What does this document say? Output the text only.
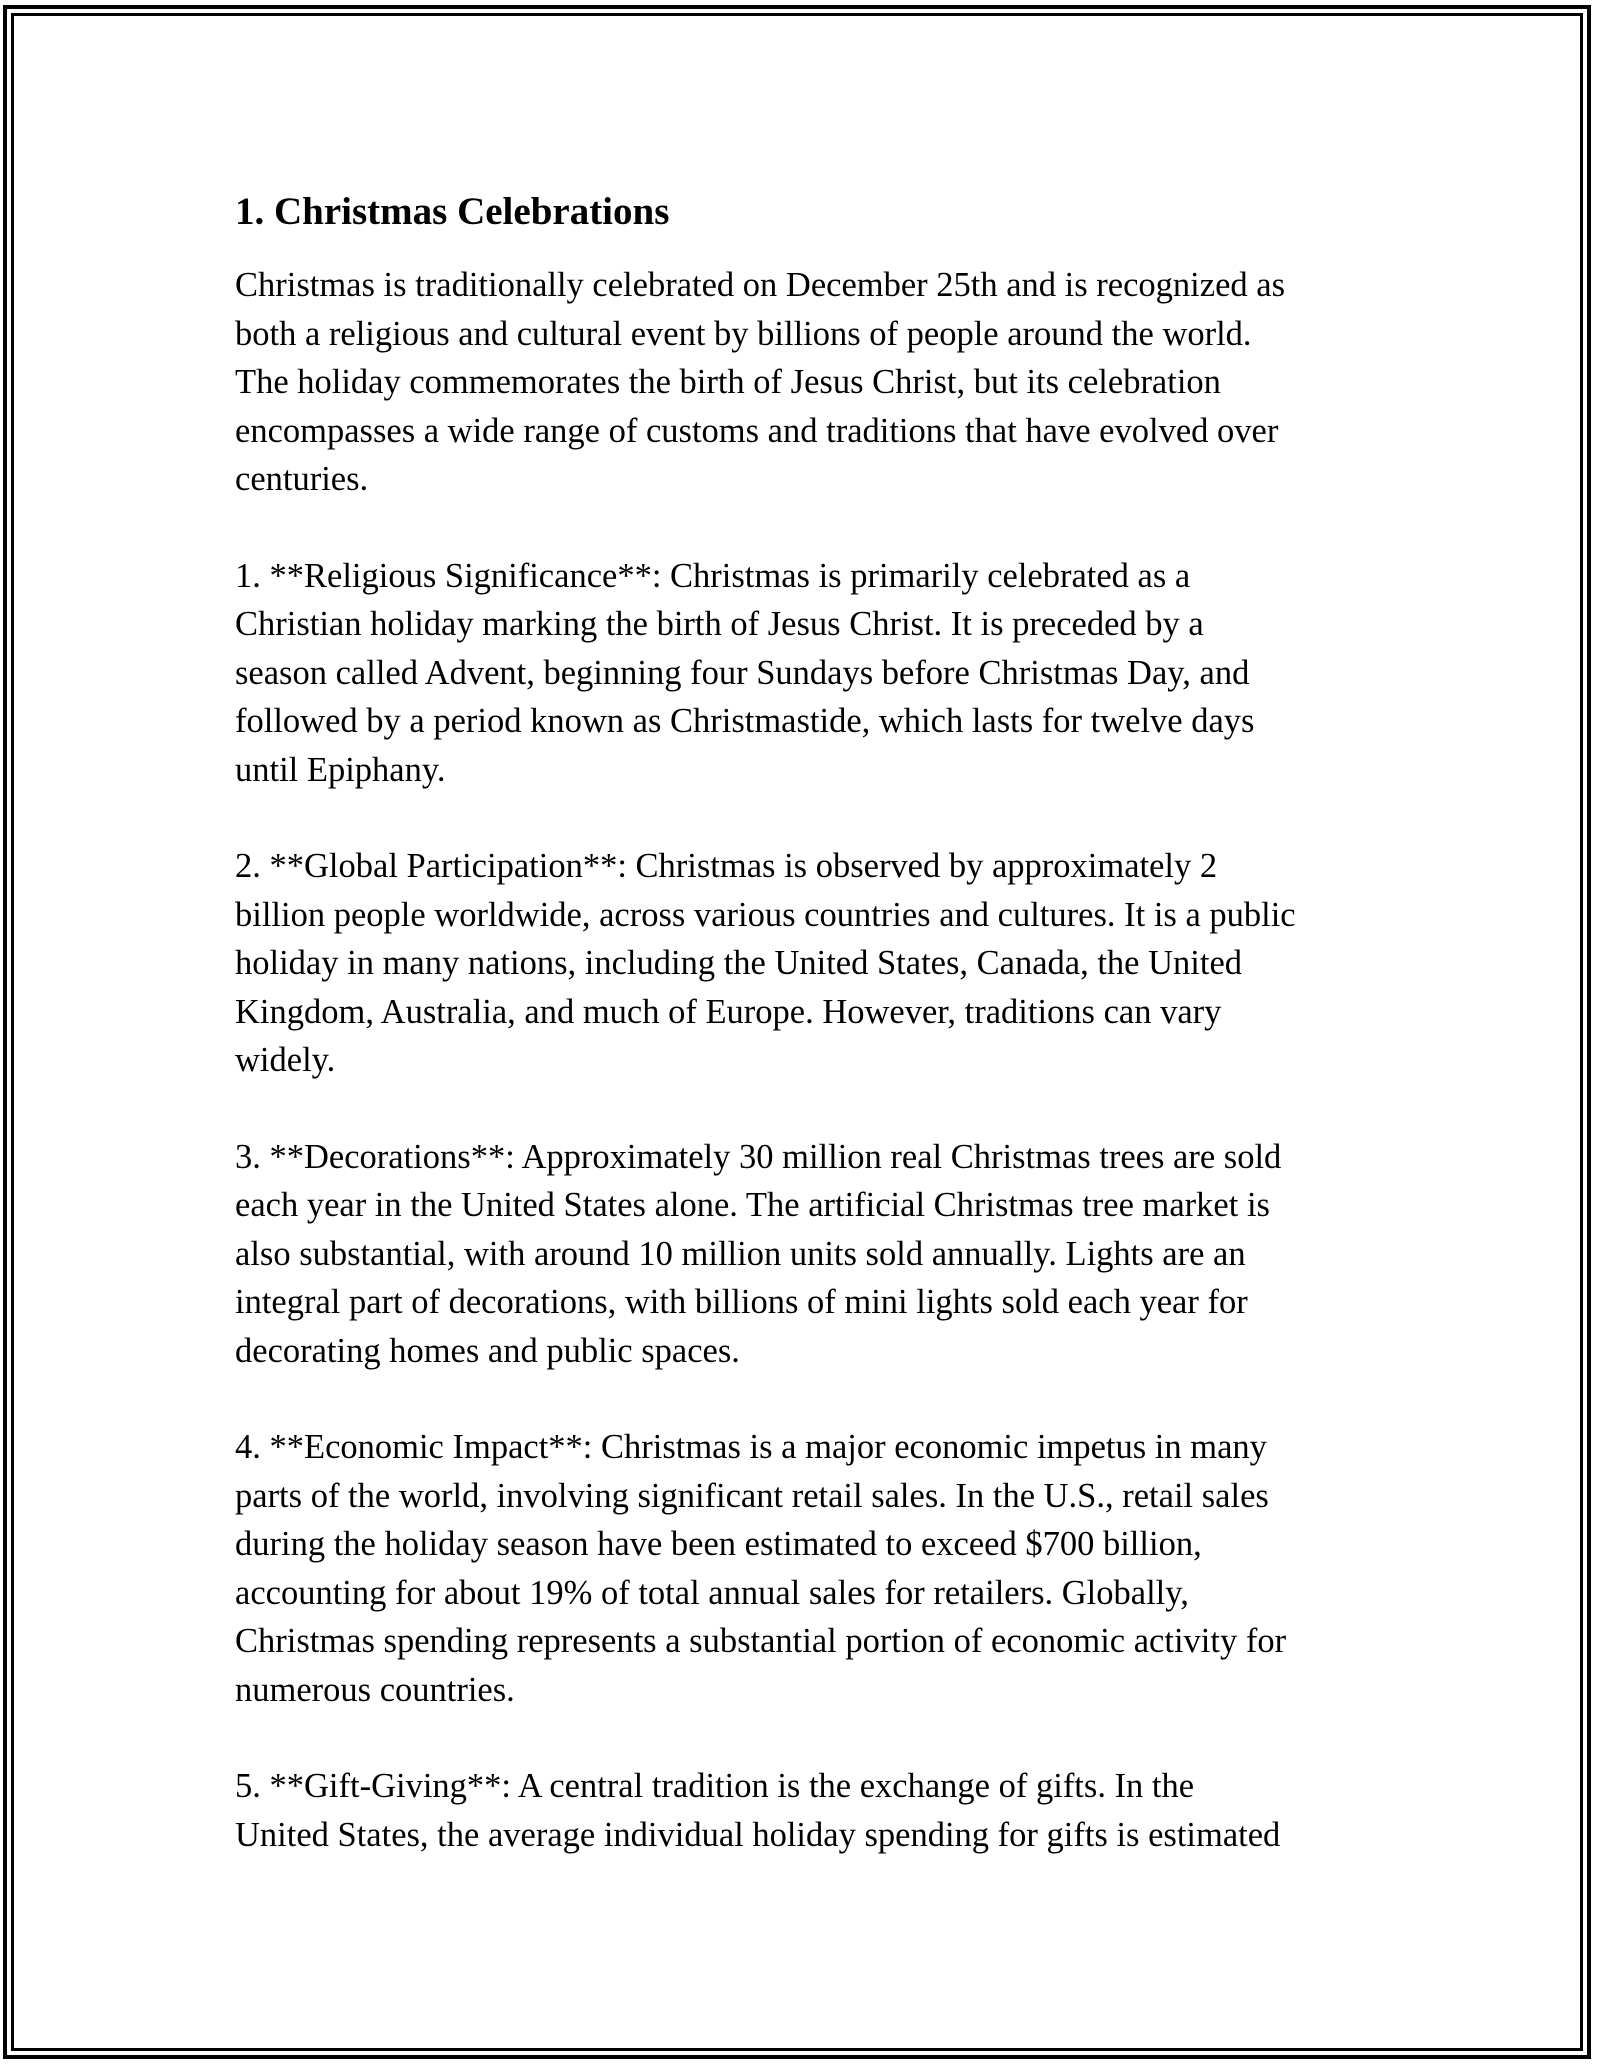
1. Christmas Celebrations

Christmas is traditionally celebrated on December 25th and is recognized as
both a religious and cultural event by billions of people around the world.
The holiday commemorates the birth of Jesus Christ, but its celebration
encompasses a wide range of customs and traditions that have evolved over
centuries.

1. **Religious Significance**: Christmas is primarily celebrated as a
Christian holiday marking the birth of Jesus Christ. It is preceded by a
season called Advent, beginning four Sundays before Christmas Day, and
followed by a period known as Christmastide, which lasts for twelve days
until Epiphany.

2. **Global Participation**: Christmas is observed by approximately 2
billion people worldwide, across various countries and cultures. It is a public
holiday in many nations, including the United States, Canada, the United
Kingdom, Australia, and much of Europe. However, traditions can vary
widely.

3. **Decorations**: Approximately 30 million real Christmas trees are sold
each year in the United States alone. The artificial Christmas tree market is
also substantial, with around 10 million units sold annually. Lights are an
integral part of decorations, with billions of mini lights sold each year for
decorating homes and public spaces.

4. **Economic Impact**: Christmas is a major economic impetus in many
parts of the world, involving significant retail sales. In the U.S., retail sales
during the holiday season have been estimated to exceed $700 billion,
accounting for about 19% of total annual sales for retailers. Globally,
Christmas spending represents a substantial portion of economic activity for
numerous countries.

5. **Gift-Giving**: A central tradition is the exchange of gifts. In the
United States, the average individual holiday spending for gifts is estimated
